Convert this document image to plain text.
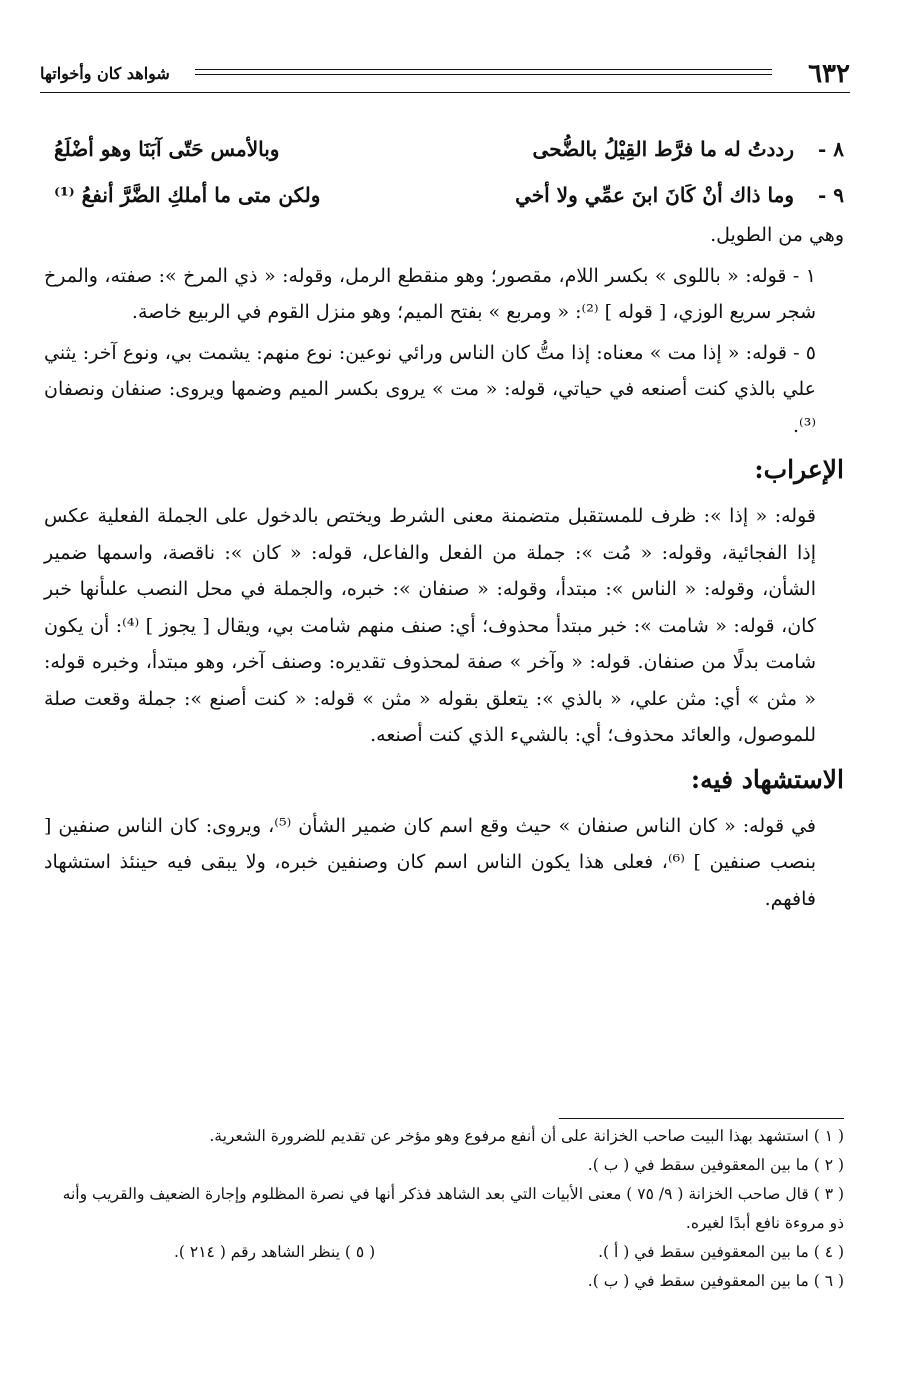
٦٣٢
شواهد كان وأخواتها
٨ -
رددتُ له ما فرَّط القِيْلُ بالضُّحى
وبالأمس حَتّى آبَنَا وهو أضْلَعُ
٩ -
وما ذاك أنْ كَانَ ابنَ عمِّي ولا أخي
ولكن متى ما أملكِ الضَّرَّ أنفعُ ⁽¹⁾

وهي من الطويل.

١ - قوله: « باللوى » بكسر اللام، مقصور؛ وهو منقطع الرمل، وقوله: « ذي المرخ »: صفته، والمرخ شجر سريع الوزي، [ قوله ] ⁽²⁾: « ومربع » بفتح الميم؛ وهو منزل القوم في الربيع خاصة.

٥ - قوله: « إذا مت » معناه: إذا متُّ كان الناس ورائي نوعين: نوع منهم: يشمت بي، ونوع آخر: يثني علي بالذي كنت أصنعه في حياتي، قوله: « مت » يروى بكسر الميم وضمها ويروى: صنفان ونصفان ⁽³⁾.

الإعراب:

قوله: « إذا »: ظرف للمستقبل متضمنة معنى الشرط ويختص بالدخول على الجملة الفعلية عكس إذا الفجائية، وقوله: « مُت »: جملة من الفعل والفاعل، قوله: « كان »: ناقصة، واسمها ضمير الشأن، وقوله: « الناس »: مبتدأ، وقوله: « صنفان »: خبره، والجملة في محل النصب علىأنها خبر كان، قوله: « شامت »: خبر مبتدأ محذوف؛ أي: صنف منهم شامت بي، ويقال [ يجوز ] ⁽⁴⁾: أن يكون شامت بدلًا من صنفان. قوله: « وآخر » صفة لمحذوف تقديره: وصنف آخر، وهو مبتدأ، وخبره قوله: « مثن » أي: مثن علي، « بالذي »: يتعلق بقوله « مثن » قوله: « كنت أصنع »: جملة وقعت صلة للموصول، والعائد محذوف؛ أي: بالشيء الذي كنت أصنعه.

الاستشهاد فيه:

في قوله: « كان الناس صنفان » حيث وقع اسم كان ضمير الشأن ⁽⁵⁾، ويروى: كان الناس صنفين [ بنصب صنفين ] ⁽⁶⁾، فعلى هذا يكون الناس اسم كان وصنفين خبره، ولا يبقى فيه حينئذ استشهاد فافهم.

( ١ ) استشهد بهذا البيت صاحب الخزانة على أن أنفع مرفوع وهو مؤخر عن تقديم للضرورة الشعرية.

( ٢ ) ما بين المعقوفين سقط في ( ب ).

( ٣ ) قال صاحب الخزانة ( ٩/ ٧٥ ) معنى الأبيات التي بعد الشاهد فذكر أنها في نصرة المظلوم وإجارة الضعيف والقريب وأنه ذو مروءة نافع أبدًا لغيره.

( ٤ ) ما بين المعقوفين سقط في ( أ ).
( ٥ ) ينظر الشاهد رقم ( ٢١٤ ).

( ٦ ) ما بين المعقوفين سقط في ( ب ).
